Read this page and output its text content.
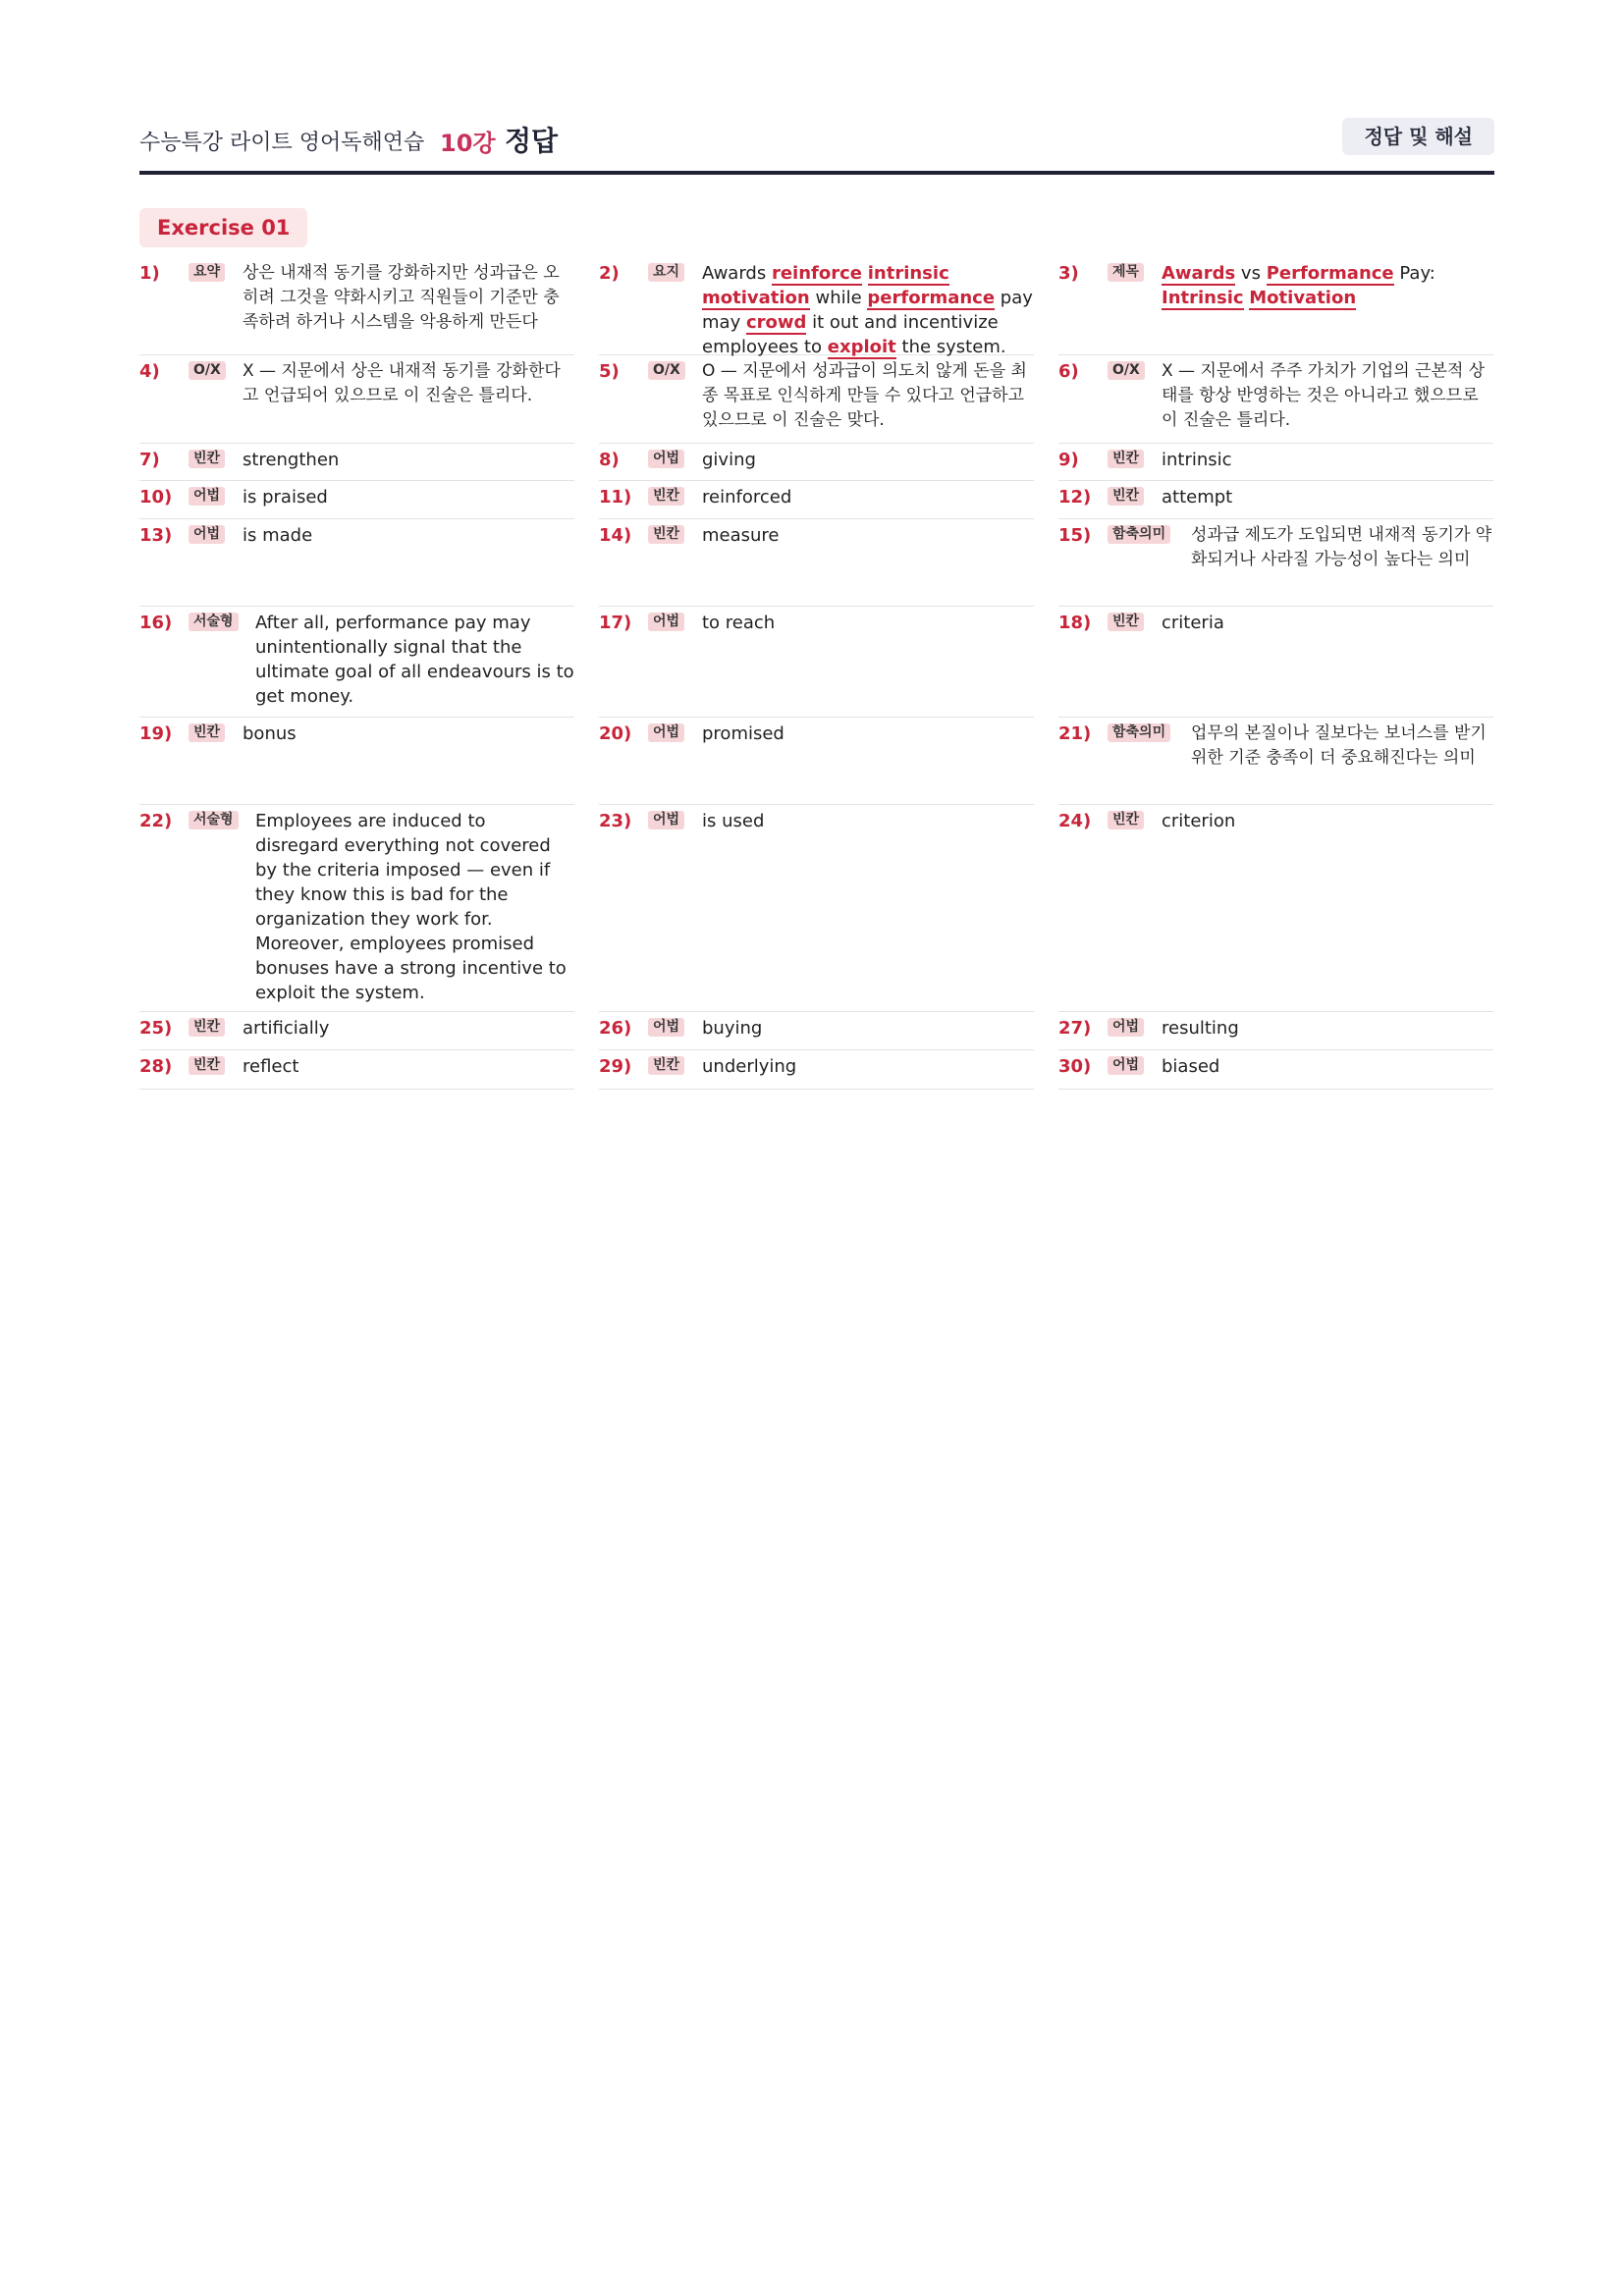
수능특강 라이트 영어독해연습 10강 정답	정답 및 해설
Exercise 01
1)	요약 상은 내재적 동기를 강화하지만 성과급은 오히려 그것을 약화시키고 직원들이 기준만 충족하려 하거나 시스템을 악용하게 만든다
2)	요지 Awards reinforce intrinsic motivation while performance pay may crowd it out and incentivize employees to exploit the system.
3)	제목 Awards vs Performance Pay:
Intrinsic Motivation
4)	O/X X — 지문에서 상은 내재적 동기를 강화한다고 언급되어 있으므로 이 진술은 틀리다.
5)	O/X O — 지문에서 성과급이 의도치 않게 돈을 최종 목표로 인식하게 만들 수 있다고 언급하고 있으므로 이 진술은 맞다.
6)	O/X X — 지문에서 주주 가치가 기업의 근본적 상태를 항상 반영하는 것은 아니라고 했으므로 이 진술은 틀리다.
7)	빈칸 strengthen	8)	어법 giving	9)	빈칸 intrinsic
10)	어법 is praised	11)	빈칸 reinforced	12)	빈칸 attempt
13)	어법 is made	14)	빈칸 measure	15)	함축의미 성과급 제도가 도입되면 내재적 동기가 약화되거나 사라질 가능성이 높다는 의미
16)	서술형 After all, performance pay may unintentionally signal that the ultimate goal of all endeavours is to get money.
17)	어법 to reach	18)	빈칸 criteria
19)	빈칸 bonus	20)	어법 promised	21)	함축의미 업무의 본질이나 질보다는 보너스를 받기 위한 기준 충족이 더 중요해진다는 의미
22)	서술형 Employees are induced to disregard everything not covered by the criteria imposed — even if they know this is bad for the organization they work for. Moreover, employees promised bonuses have a strong incentive to exploit the system.
23)	어법 is used	24)	빈칸 criterion
25)	빈칸 artificially	26)	어법 buying	27)	어법 resulting
28)	빈칸 reflect	29)	빈칸 underlying	30)	어법 biased
